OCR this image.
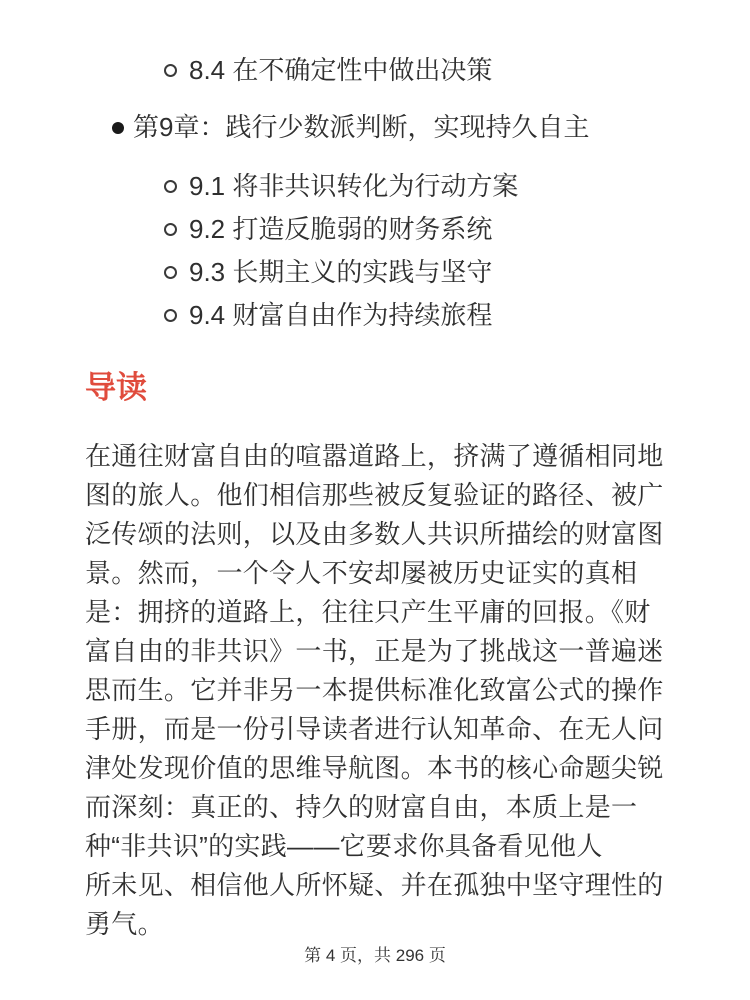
8.4 在不确定性中做出决策
第9章：践行少数派判断，实现持久自主
9.1 将非共识转化为行动方案
9.2 打造反脆弱的财务系统
9.3 长期主义的实践与坚守
9.4 财富自由作为持续旅程
导读
在通往财富自由的喧嚣道路上，挤满了遵循相同地
图的旅人。他们相信那些被反复验证的路径、被广
泛传颂的法则，以及由多数人共识所描绘的财富图
景。然而，一个令人不安却屡被历史证实的真相
是：拥挤的道路上，往往只产生平庸的回报。《财
富自由的非共识》一书，正是为了挑战这一普遍迷
思而生。它并非另一本提供标准化致富公式的操作
手册，而是一份引导读者进行认知革命、在无人问
津处发现价值的思维导航图。本书的核心命题尖锐
而深刻：真正的、持久的财富自由，本质上是一
种“非共识”的实践——它要求你具备看见他人
所未见、相信他人所怀疑、并在孤独中坚守理性的
勇气。
第 4 页，共 296 页
